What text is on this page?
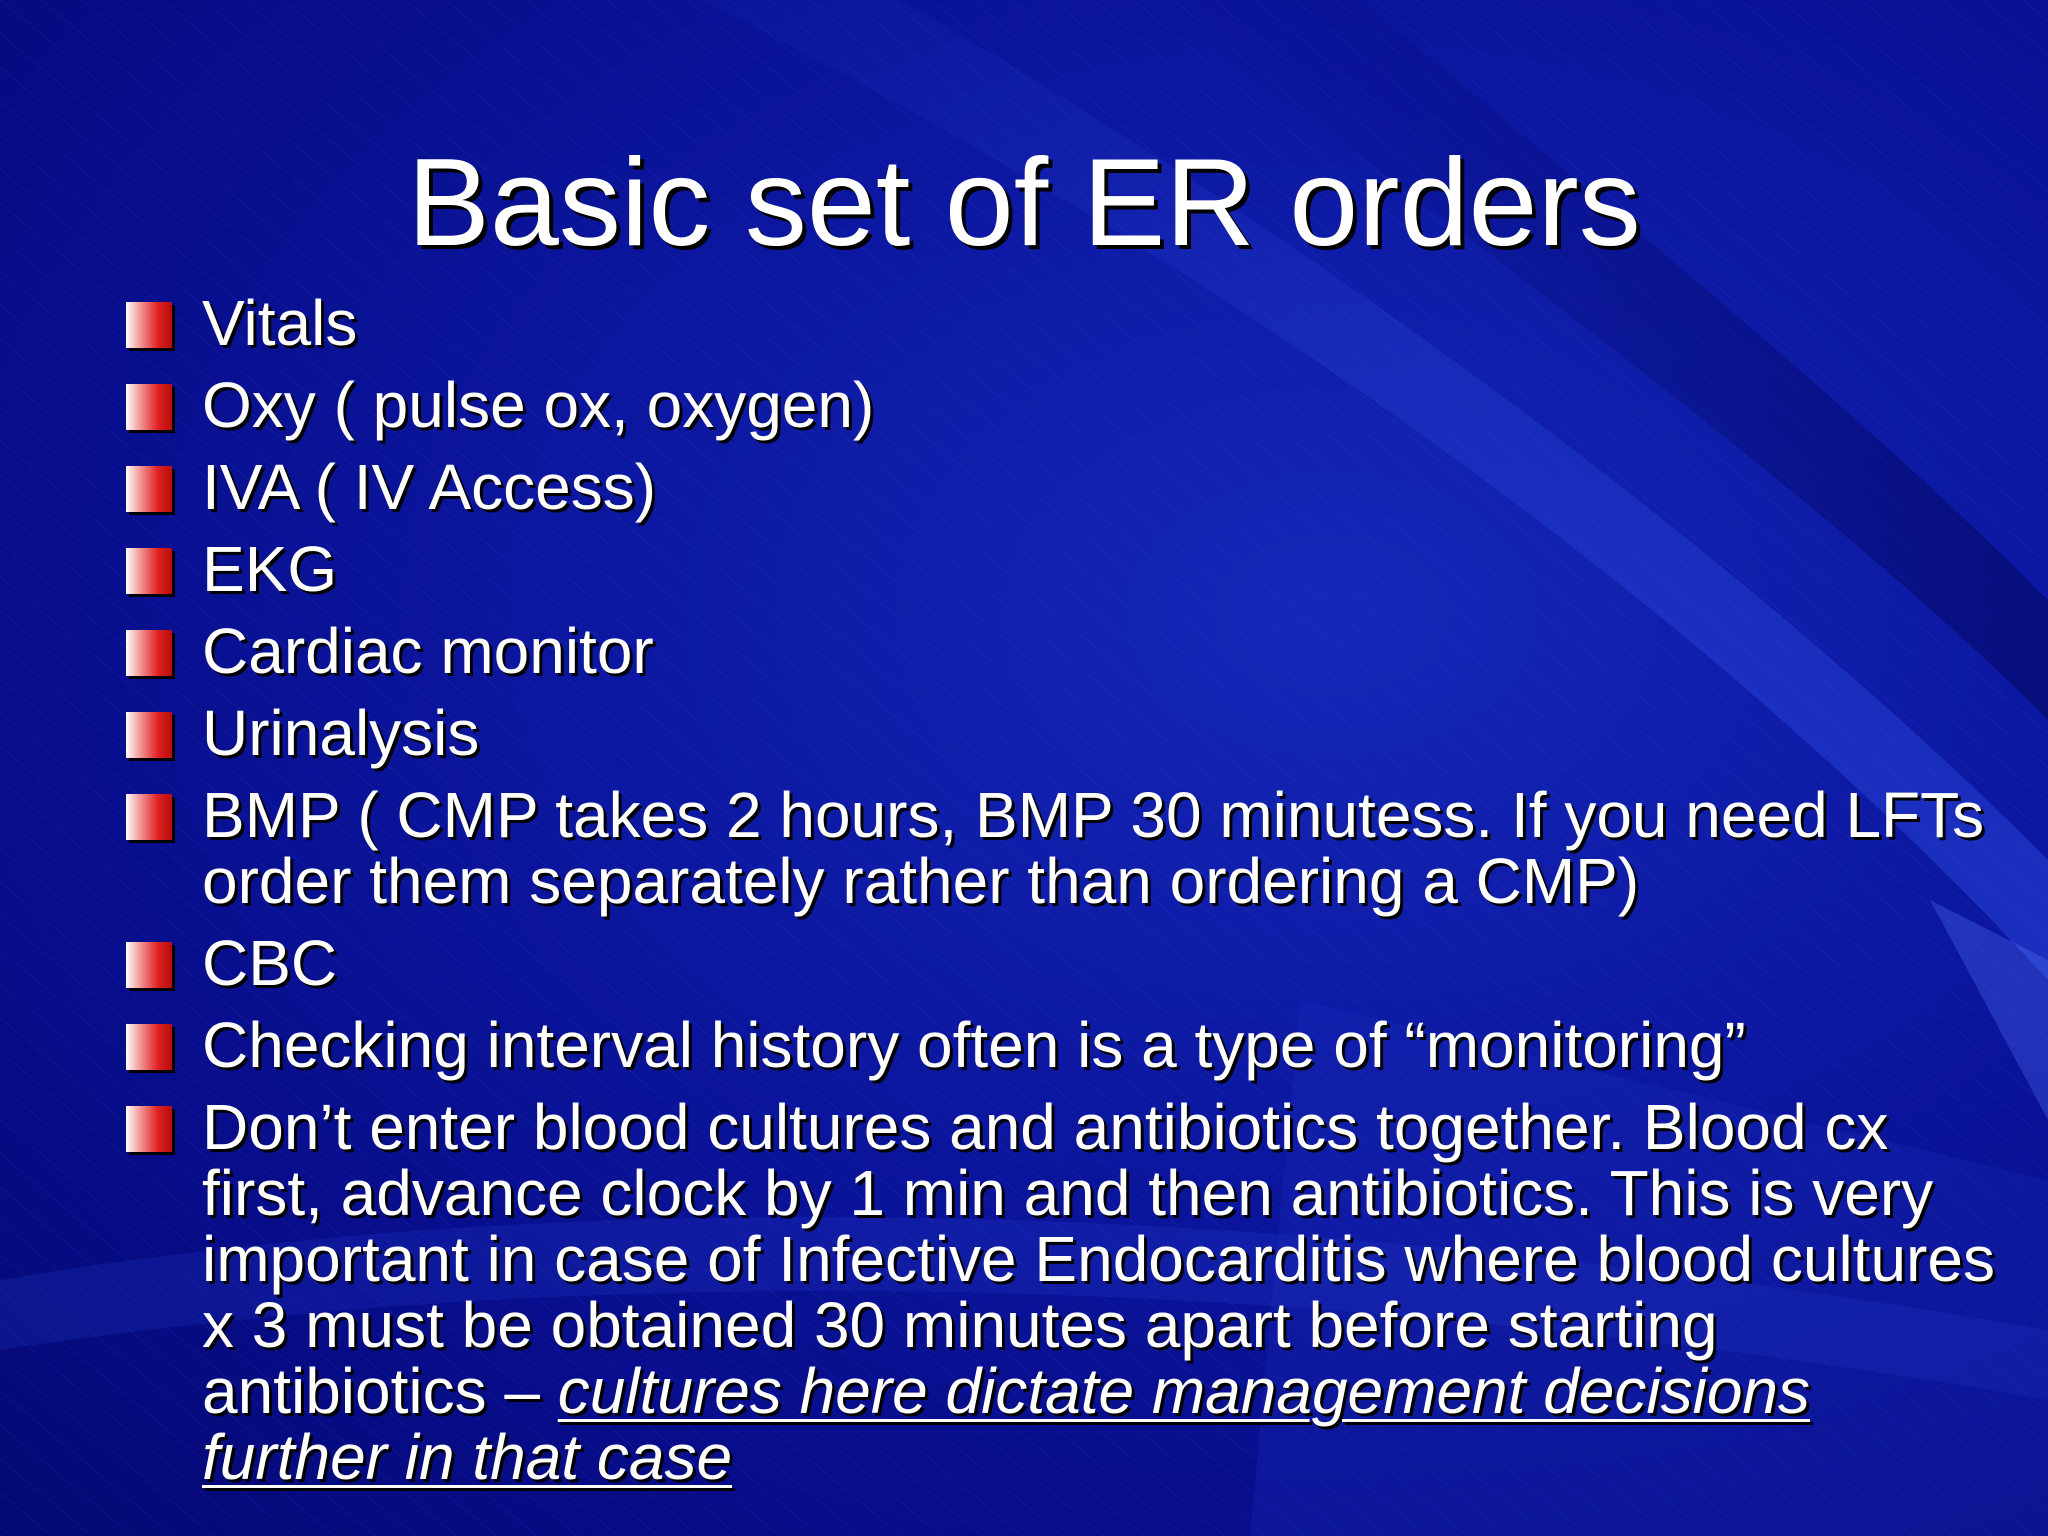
Basic set of ER orders
Vitals
Oxy ( pulse ox, oxygen)
IVA ( IV Access)
EKG
Cardiac monitor
Urinalysis
BMP ( CMP takes 2 hours, BMP 30 minutess. If you need LFTs order them separately rather than ordering a CMP)
CBC
Checking interval history often is a type of “monitoring”
Don’t enter blood cultures and antibiotics together. Blood cx first, advance clock by 1 min and then antibiotics. This is very important in case of Infective Endocarditis where blood cultures x 3 must be obtained 30 minutes apart before starting antibiotics – cultures here dictate management decisions further in that case
